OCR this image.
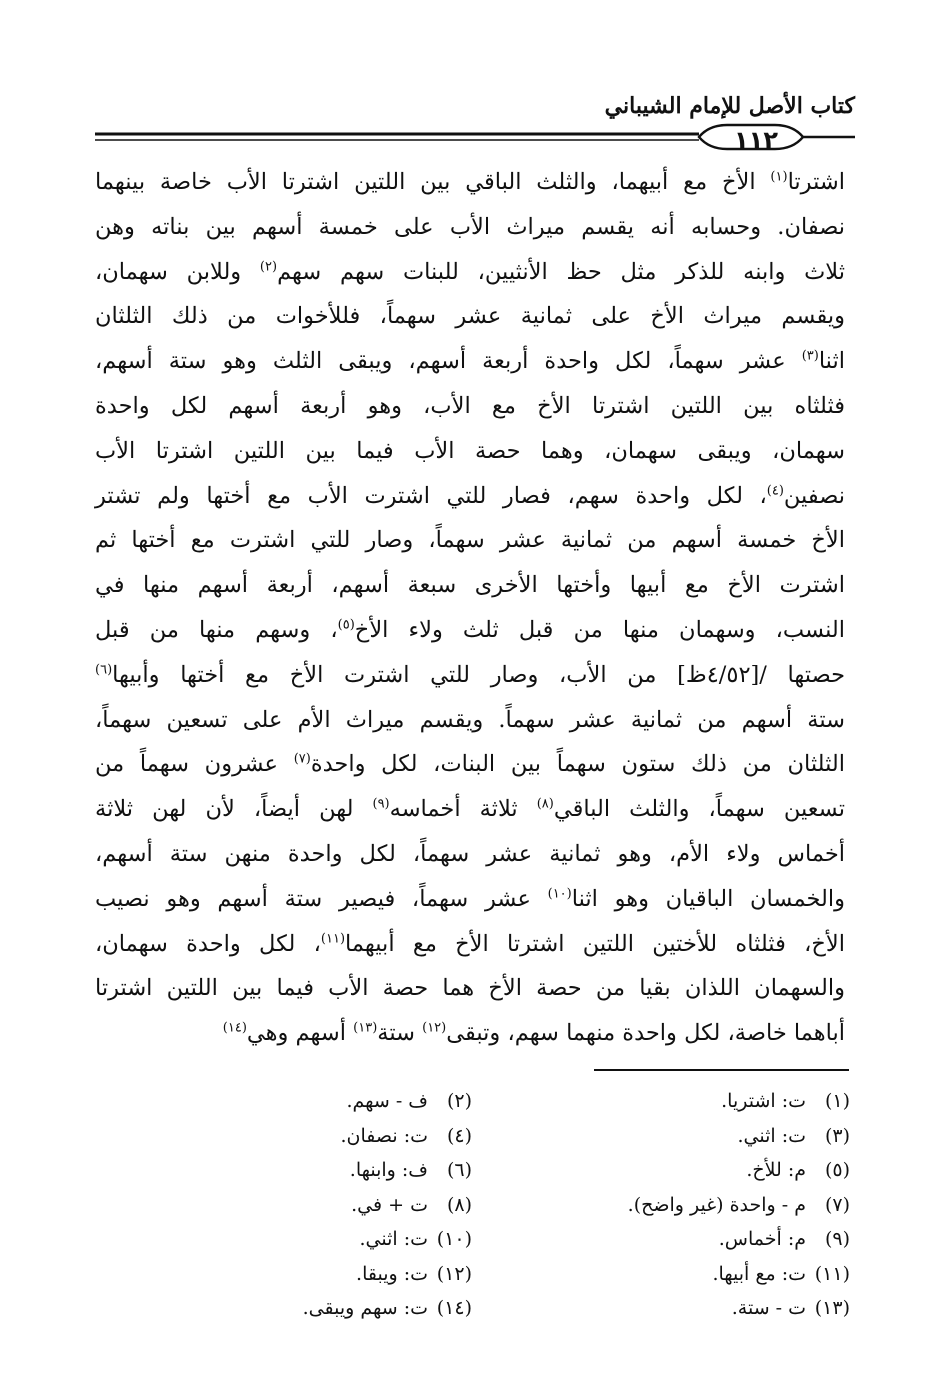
كتاب الأصل للإمام الشيباني
١١٢
اشترتا$^{(١)}$ الأخ مع أبيهما، والثلث الباقي بين اللتين اشترتا الأب خاصة بينهما
نصفان. وحسابه أنه يقسم ميراث الأب على خمسة أسهم بين بناته وهن
ثلاث وابنه للذكر مثل حظ الأنثيين، للبنات سهم سهم$^{(٢)}$ وللابن سهمان،
ويقسم ميراث الأخ على ثمانية عشر سهماً، فللأخوات من ذلك الثلثان
اثنا$^{(٣)}$ عشر سهماً، لكل واحدة أربعة أسهم، ويبقى الثلث وهو ستة أسهم،
فثلثاه بين اللتين اشترتا الأخ مع الأب، وهو أربعة أسهم لكل واحدة
سهمان، ويبقى سهمان، وهما حصة الأب فيما بين اللتين اشترتا الأب
نصفين$^{(٤)}$، لكل واحدة سهم، فصار للتي اشترت الأب مع أختها ولم تشتر
الأخ خمسة أسهم من ثمانية عشر سهماً، وصار للتي اشترت مع أختها ثم
اشترت الأخ مع أبيها وأختها الأخرى سبعة أسهم، أربعة أسهم منها في
النسب، وسهمان منها من قبل ثلث ولاء الأخ$^{(٥)}$، وسهم منها من قبل
حصتها /[٤/٥٢ظ] من الأب، وصار للتي اشترت الأخ مع أختها وأبيها$^{(٦)}$
ستة أسهم من ثمانية عشر سهماً. ويقسم ميراث الأم على تسعين سهماً،
الثلثان من ذلك ستون سهماً بين البنات، لكل واحدة$^{(٧)}$ عشرون سهماً من
تسعين سهماً، والثلث الباقي$^{(٨)}$ ثلاثة أخماسه$^{(٩)}$ لهن أيضاً، لأن لهن ثلاثة
أخماس ولاء الأم، وهو ثمانية عشر سهماً، لكل واحدة منهن ستة أسهم،
والخمسان الباقيان وهو اثنا$^{(١٠)}$ عشر سهماً، فيصير ستة أسهم وهو نصيب
الأخ، فثلثاه للأختين اللتين اشترتا الأخ مع أبيهما$^{(١١)}$، لكل واحدة سهمان،
والسهمان اللذان بقيا من حصة الأخ هما حصة الأب فيما بين اللتين اشترتا
أباهما خاصة، لكل واحدة منهما سهم، وتبقى$^{(١٢)}$ ستة$^{(١٣)}$ أسهم وهي$^{(١٤)}$
(١)ت: اشتريا.
(٣)ت: اثني.
(٥)م: للأخ.
(٧)م - واحدة (غير واضح).
(٩)م: أخماس.
(١١)ت: مع أبيها.
(١٣)ت - ستة.
(٢)ف - سهم.
(٤)ت: نصفان.
(٦)ف: وابنها.
(٨)ت + في.
(١٠)ت: اثني.
(١٢)ت: ويبقا.
(١٤)ت: سهم ويبقى.
